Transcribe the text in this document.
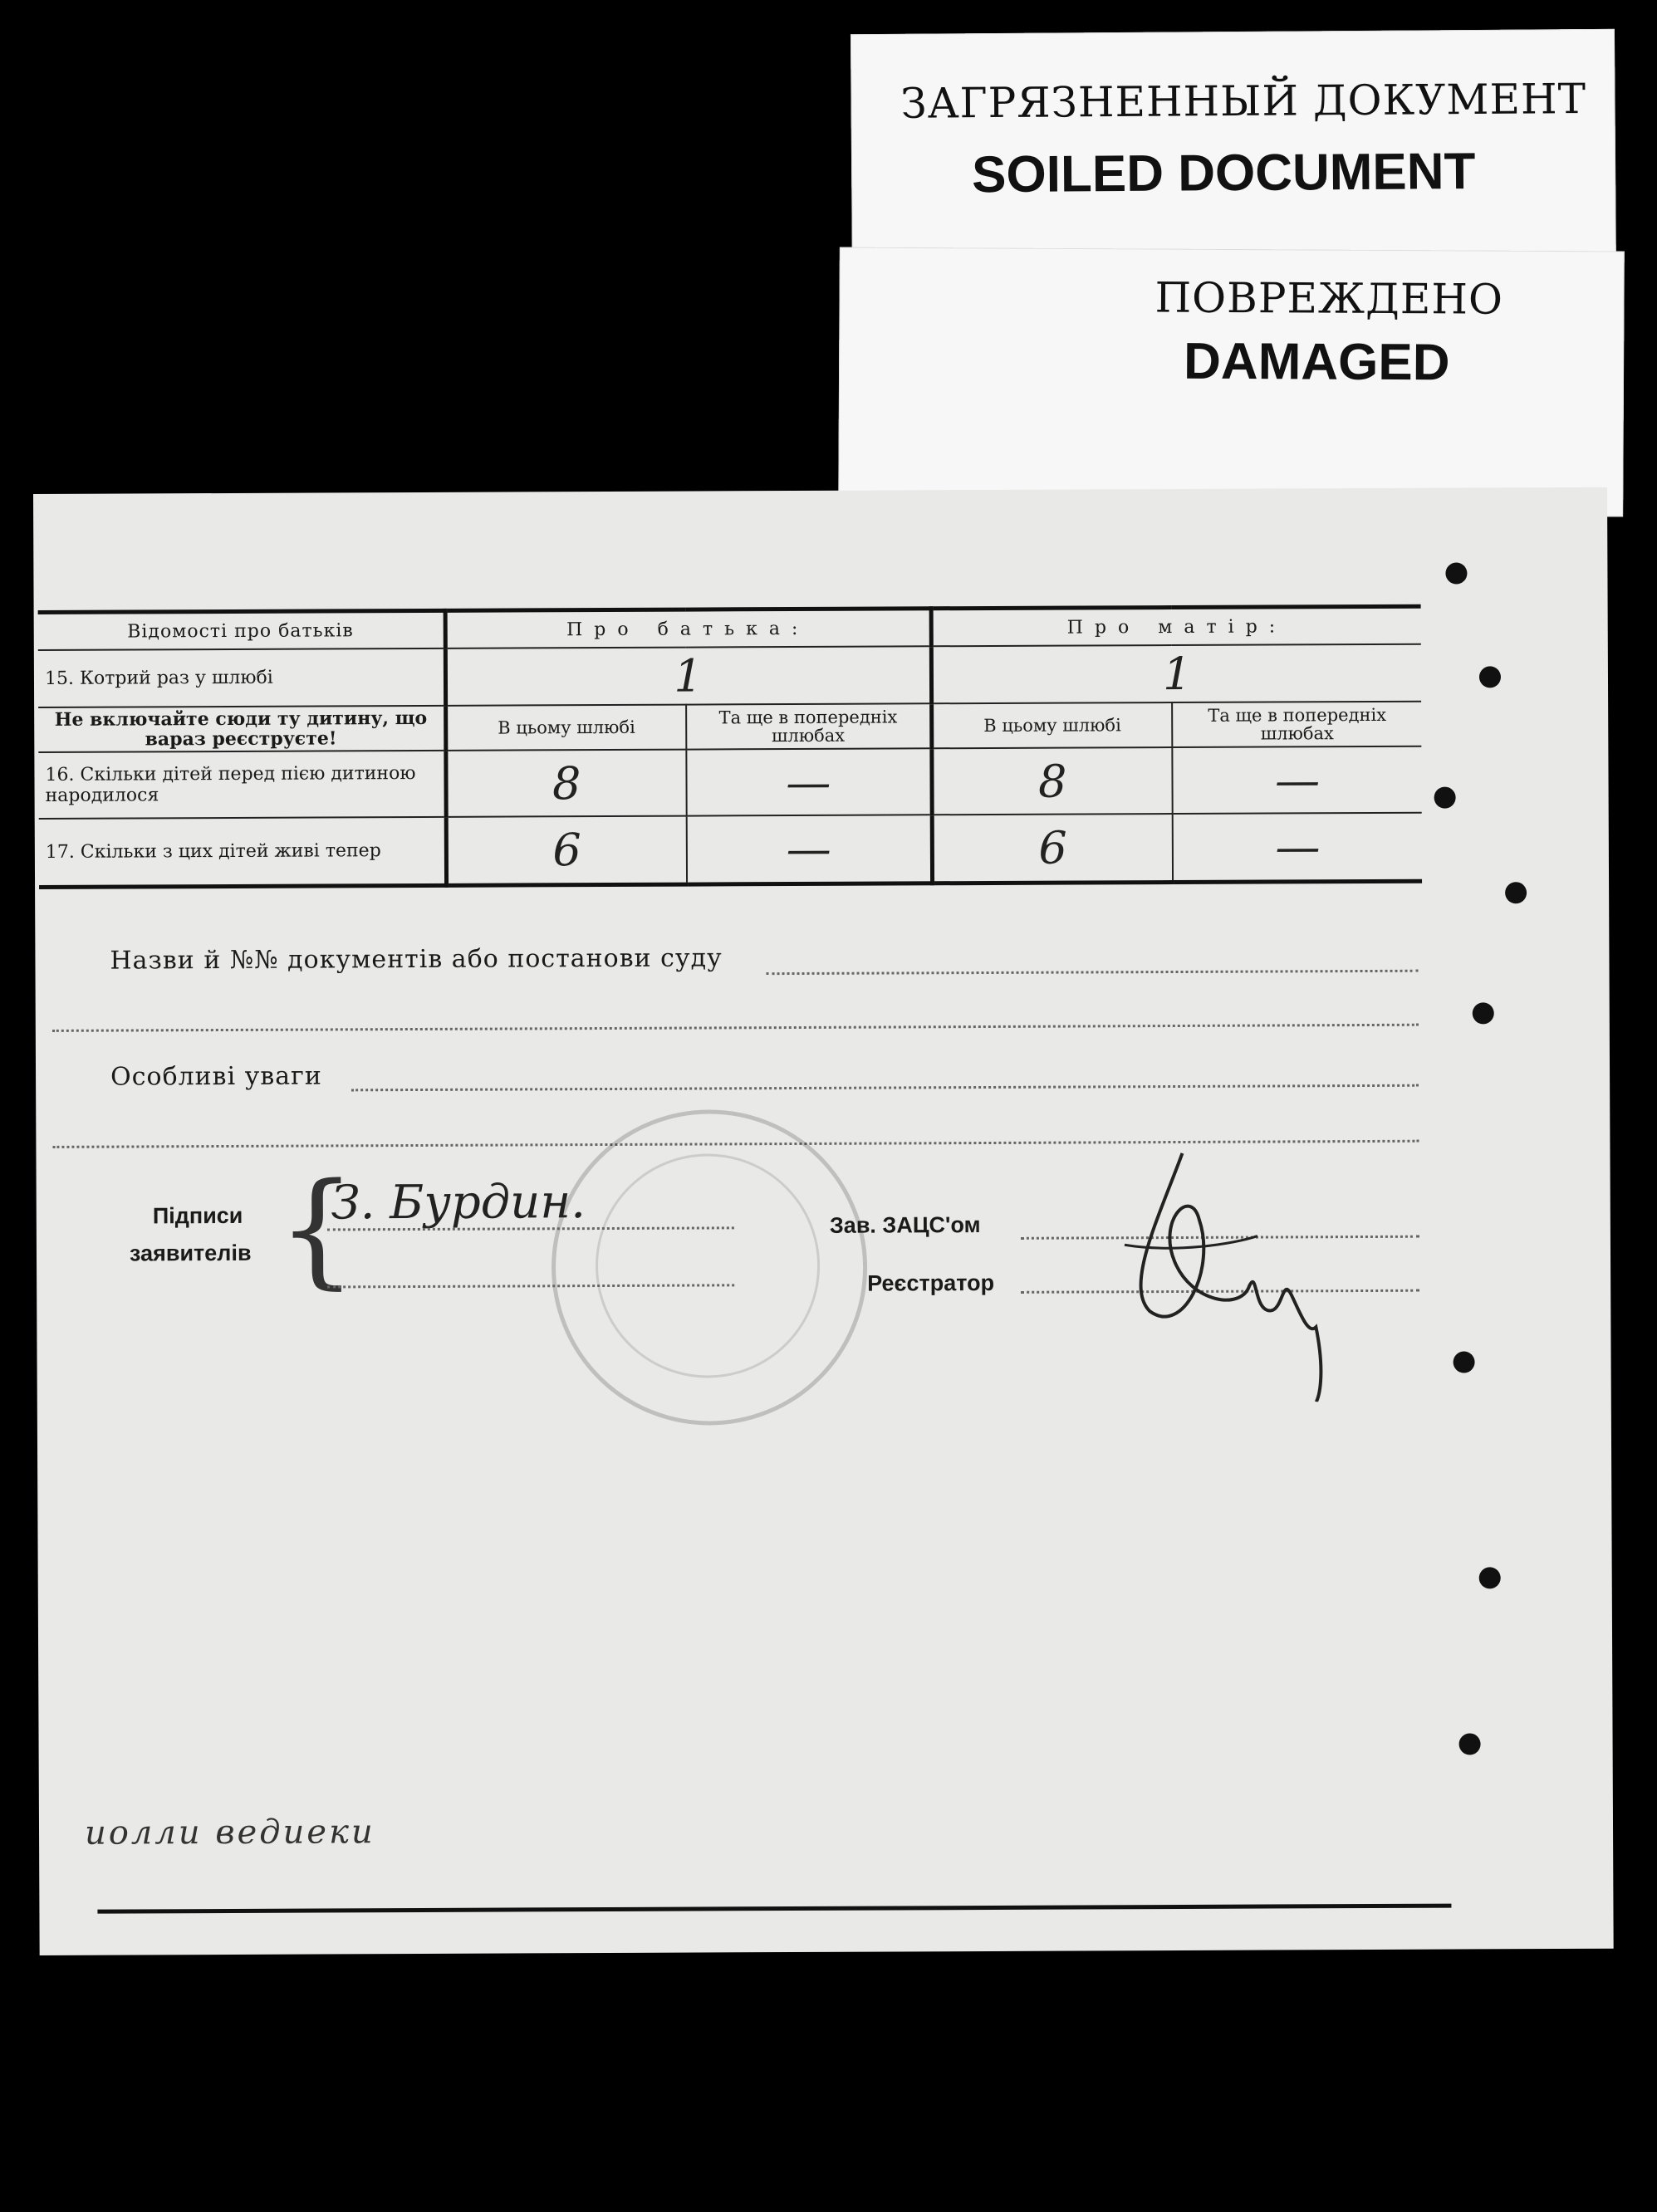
ЗАГРЯЗНЕННЫЙ ДОКУМЕНТ
SOILED DOCUMENT
ПОВРЕЖДЕНО
DAMAGED
Відомості про батьків	Про батька:		Про матір:	
15. Котрий раз у шлюбі	1		1	
Не включайте сюди ту дитину, що вараз реєструєте!	В цьому шлюбі	Та ще в попередніх шлюбах	В цьому шлюбі	Та ще в попередніх шлюбах
16. Скільки дітей перед пією дитиною народилося	8	—	8	—
17. Скільки з цих дітей живі тепер	6	—	6	—
Назви й №№ документів або постанови суду
Особливі уваги
Підписи
заявителів {
З. Бурдин.	Зав. ЗАЦС'ом
Реєстратор
иолли ведиеки
